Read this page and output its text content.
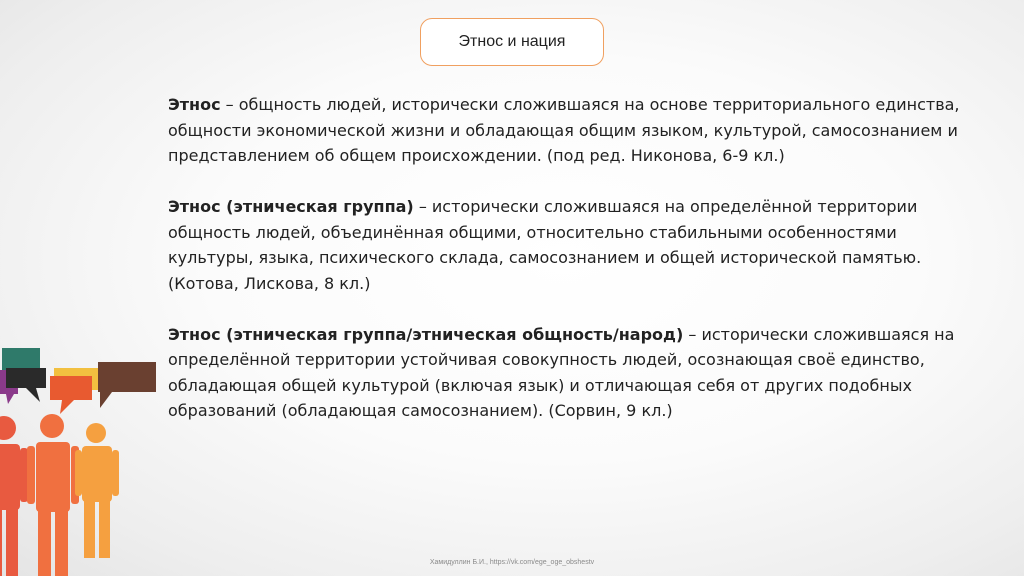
Этнос и нация

Этнос – общность людей, исторически сложившаяся на основе территориального единства, общности экономической жизни и обладающая общим языком, культурой, самосознанием и представлением об общем происхождении. (под ред. Никонова, 6-9 кл.)

Этнос (этническая группа) – исторически сложившаяся на определённой территории общность людей, объединённая общими, относительно стабильными особенностями культуры, языка, психического склада, самосознанием и общей исторической памятью. (Котова, Лискова, 8 кл.)

Этнос (этническая группа/этническая общность/народ) – исторически сложившаяся на определённой территории устойчивая совокупность людей, осознающая своё единство, обладающая общей культурой (включая язык) и отличающая себя от других подобных образований (обладающая самосознанием). (Сорвин, 9 кл.)

Хамидуллин Б.И., https://vk.com/ege_oge_obshestv
